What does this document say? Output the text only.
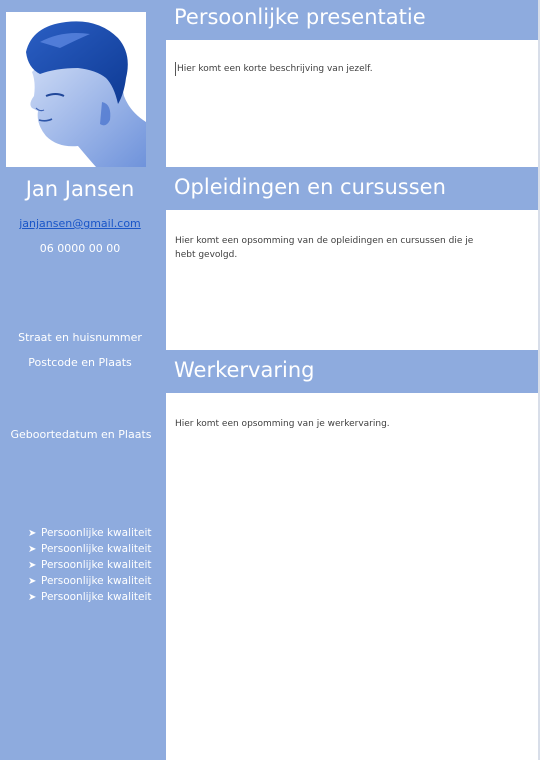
Jan Jansen
janjansen@gmail.com
06 0000 00 00
Straat en huisnummer
Postcode en Plaats
Geboortedatum en Plaats
➤ Persoonlijke kwaliteit
➤ Persoonlijke kwaliteit
➤ Persoonlijke kwaliteit
➤ Persoonlijke kwaliteit
➤ Persoonlijke kwaliteit
Persoonlijke presentatie
Hier komt een korte beschrijving van jezelf.
Opleidingen en cursussen
Hier komt een opsomming van de opleidingen en cursussen die je hebt gevolgd.
Werkervaring
Hier komt een opsomming van je werkervaring.
